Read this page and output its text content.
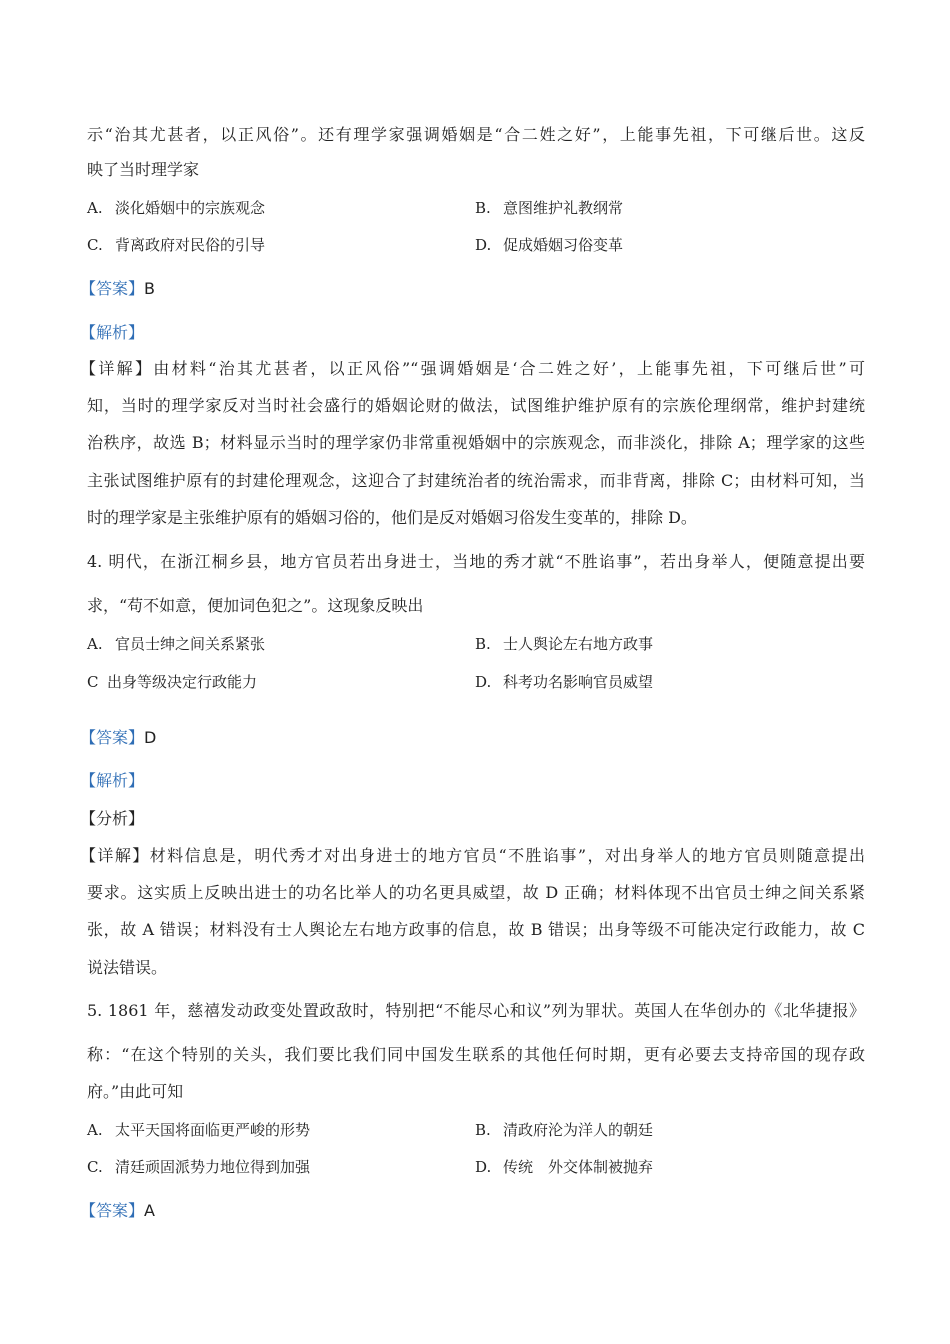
示“治其尤甚者，以正风俗”。还有理学家强调婚姻是“合二姓之好”，上能事先祖，下可继后世。这反
映了当时理学家
A. 淡化婚姻中的宗族观念	B. 意图维护礼教纲常
C. 背离政府对民俗的引导	D. 促成婚姻习俗变革
【答案】B
【解析】
【详解】由材料“治其尤甚者，以正风俗”“强调婚姻是‘合二姓之好’，上能事先祖，下可继后世”可
知，当时的理学家反对当时社会盛行的婚姻论财的做法，试图维护维护原有的宗族伦理纲常，维护封建统
治秩序，故选 B；材料显示当时的理学家仍非常重视婚姻中的宗族观念，而非淡化，排除 A；理学家的这些
主张试图维护原有的封建伦理观念，这迎合了封建统治者的统治需求，而非背离，排除 C；由材料可知，当
时的理学家是主张维护原有的婚姻习俗的，他们是反对婚姻习俗发生变革的，排除 D。
4. 明代，在浙江桐乡县，地方官员若出身进士，当地的秀才就“不胜谄事”，若出身举人，便随意提出要
求，“苟不如意，便加词色犯之”。这现象反映出
A. 官员士绅之间关系紧张	B. 士人舆论左右地方政事
C 出身等级决定行政能力	D. 科考功名影响官员威望
【答案】D
【解析】
【分析】
【详解】材料信息是，明代秀才对出身进士的地方官员“不胜谄事”，对出身举人的地方官员则随意提出
要求。这实质上反映出进士的功名比举人的功名更具威望，故 D 正确；材料体现不出官员士绅之间关系紧
张，故 A 错误；材料没有士人舆论左右地方政事的信息，故 B 错误；出身等级不可能决定行政能力，故 C
说法错误。
5. 1861 年，慈禧发动政变处置政敌时，特别把“不能尽心和议”列为罪状。英国人在华创办的《北华捷报》
称：“在这个特别的关头，我们要比我们同中国发生联系的其他任何时期，更有必要去支持帝国的现存政
府。”由此可知
A. 太平天国将面临更严峻的形势	B. 清政府沦为洋人的朝廷
C. 清廷顽固派势力地位得到加强	D. 传统　外交体制被抛弃
【答案】A
